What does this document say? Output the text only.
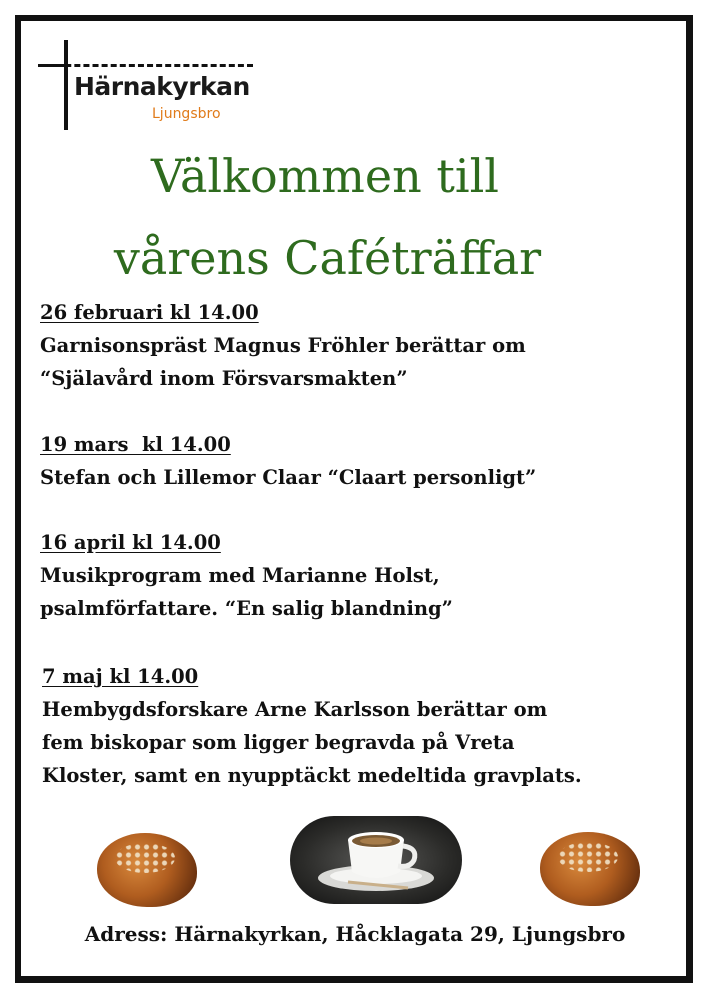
Härnakyrkan
Ljungsbro
Välkommen till
vårens Caféträffar
26 februari kl 14.00
Garnisonspräst Magnus Fröhler berättar om
“Själavård inom Försvarsmakten”
19 mars  kl 14.00
Stefan och Lillemor Claar “Claart personligt”
16 april kl 14.00
Musikprogram med Marianne Holst,
psalmförfattare. “En salig blandning”
7 maj kl 14.00
Hembygdsforskare Arne Karlsson berättar om
fem biskopar som ligger begravda på Vreta
Kloster, samt en nyupptäckt medeltida gravplats.
Adress: Härnakyrkan, Håcklagata 29, Ljungsbro
